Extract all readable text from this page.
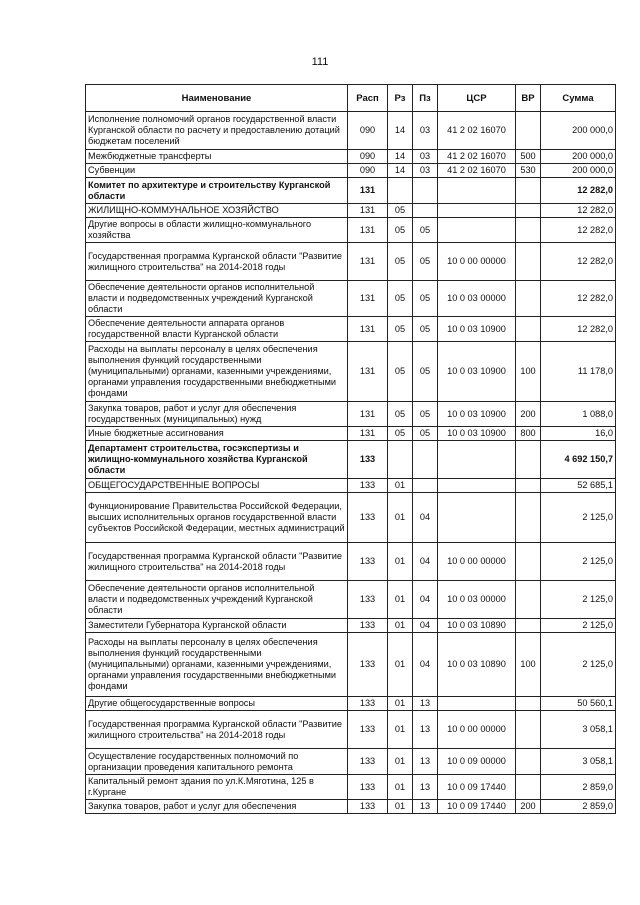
111
Наименование	Расп	Рз	Пз	ЦСР	ВР	Сумма
Исполнение полномочий органов государственной власти Курганской области по расчету и предоставлению дотаций бюджетам поселений	090	14	03	41 2 02 16070		200 000,0
Межбюджетные трансферты	090	14	03	41 2 02 16070	500	200 000,0
Субвенции	090	14	03	41 2 02 16070	530	200 000,0
Комитет по архитектуре и строительству Курганской области	131					12 282,0
ЖИЛИЩНО-КОММУНАЛЬНОЕ ХОЗЯЙСТВО	131	05				12 282,0
Другие вопросы в области жилищно-коммунального хозяйства	131	05	05			12 282,0
Государственная программа Курганской области "Развитие жилищного строительства" на 2014-2018 годы	131	05	05	10 0 00 00000		12 282,0
Обеспечение деятельности органов исполнительной власти и подведомственных учреждений Курганской области	131	05	05	10 0 03 00000		12 282,0
Обеспечение деятельности аппарата органов государственной власти Курганской области	131	05	05	10 0 03 10900		12 282,0
Расходы на выплаты персоналу в целях обеспечения выполнения функций государственными (муниципальными) органами, казенными учреждениями, органами управления государственными внебюджетными фондами	131	05	05	10 0 03 10900	100	11 178,0
Закупка товаров, работ и услуг для обеспечения государственных (муниципальных) нужд	131	05	05	10 0 03 10900	200	1 088,0
Иные бюджетные ассигнования	131	05	05	10 0 03 10900	800	16,0
Департамент строительства, госэкспертизы и жилищно-коммунального хозяйства Курганской области	133					4 692 150,7
ОБЩЕГОСУДАРСТВЕННЫЕ ВОПРОСЫ	133	01				52 685,1
Функционирование Правительства Российской Федерации, высших исполнительных органов государственной власти субъектов Российской Федерации, местных администраций	133	01	04			2 125,0
Государственная программа Курганской области "Развитие жилищного строительства" на 2014-2018 годы	133	01	04	10 0 00 00000		2 125,0
Обеспечение деятельности органов исполнительной власти и подведомственных учреждений Курганской области	133	01	04	10 0 03 00000		2 125,0
Заместители Губернатора Курганской области	133	01	04	10 0 03 10890		2 125,0
Расходы на выплаты персоналу в целях обеспечения выполнения функций государственными (муниципальными) органами, казенными учреждениями, органами управления государственными внебюджетными фондами	133	01	04	10 0 03 10890	100	2 125,0
Другие общегосударственные вопросы	133	01	13			50 560,1
Государственная программа Курганской области "Развитие жилищного строительства" на 2014-2018 годы	133	01	13	10 0 00 00000		3 058,1
Осуществление государственных полномочий по организации проведения капитального ремонта	133	01	13	10 0 09 00000		3 058,1
Капитальный ремонт здания по ул.К.Мяготина, 125 в г.Кургане	133	01	13	10 0 09 17440		2 859,0
Закупка товаров, работ и услуг для обеспечения	133	01	13	10 0 09 17440	200	2 859,0
